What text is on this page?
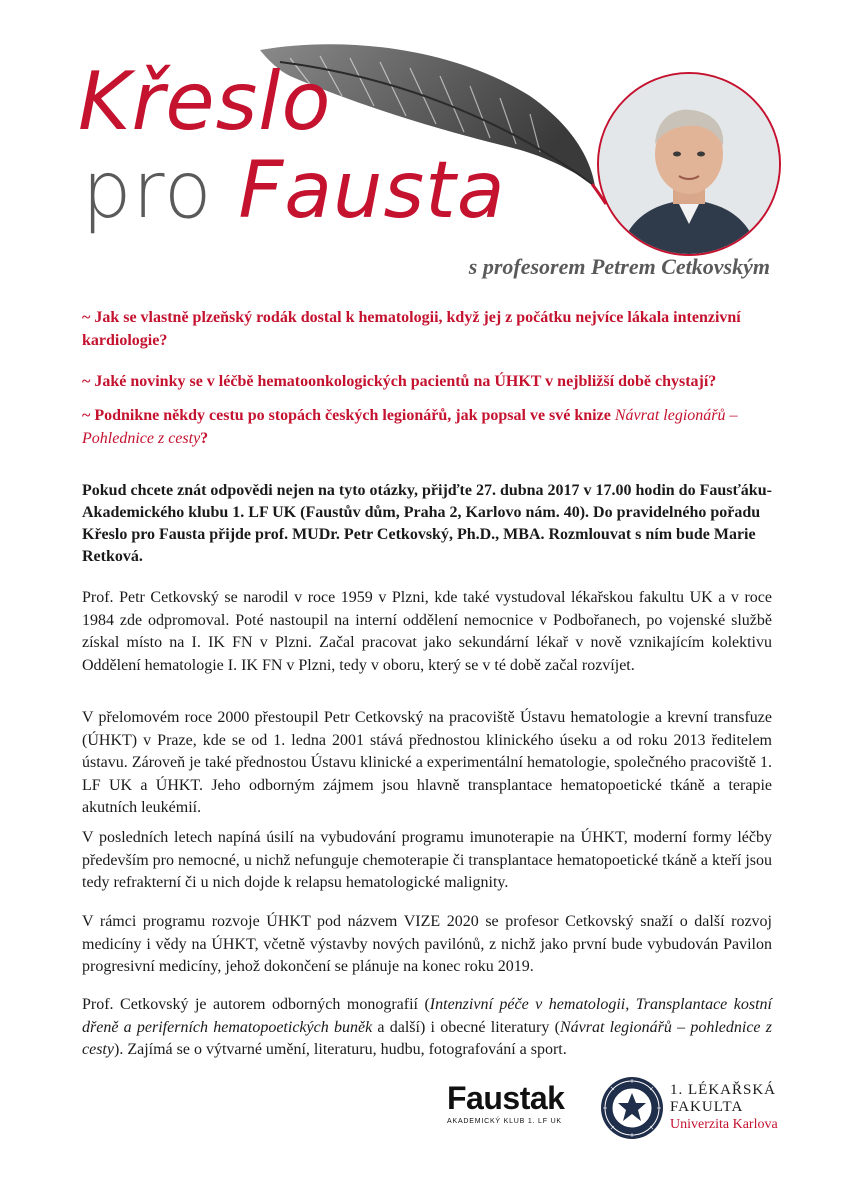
Křeslo
pro Fausta
s profesorem Petrem Cetkovským
~ Jak se vlastně plzeňský rodák dostal k hematologii, když jej z počátku nejvíce lákala intenzivní kardiologie?
~ Jaké novinky se v léčbě hematoonkologických pacientů na ÚHKT v nejbližší době chystají?
~ Podnikne někdy cestu po stopách českých legionářů, jak popsal ve své knize Návrat legionářů – Pohlednice z cesty?
Pokud chcete znát odpovědi nejen na tyto otázky, přijďte 27. dubna 2017 v 17.00 hodin do Fausťáku-Akademického klubu 1. LF UK (Faustův dům, Praha 2, Karlovo nám. 40). Do pravidelného pořadu Křeslo pro Fausta přijde prof. MUDr. Petr Cetkovský, Ph.D., MBA. Rozmlouvat s ním bude Marie Retková.
Prof. Petr Cetkovský se narodil v roce 1959 v Plzni, kde také vystudoval lékařskou fakultu UK a v roce 1984 zde odpromoval. Poté nastoupil na interní oddělení nemocnice v Podbořanech, po vojenské službě získal místo na I. IK FN v Plzni. Začal pracovat jako sekundární lékař v nově vznikajícím kolektivu Oddělení hematologie I. IK FN v Plzni, tedy v oboru, který se v té době začal rozvíjet.
V přelomovém roce 2000 přestoupil Petr Cetkovský na pracoviště Ústavu hematologie a krevní transfuze (ÚHKT) v Praze, kde se od 1. ledna 2001 stává přednostou klinického úseku a od roku 2013 ředitelem ústavu. Zároveň je také přednostou Ústavu klinické a experimentální hematologie, společného pracoviště 1. LF UK a ÚHKT. Jeho odborným zájmem jsou hlavně transplantace hematopoetické tkáně a terapie akutních leukémií.
V posledních letech napíná úsilí na vybudování programu imunoterapie na ÚHKT, moderní formy léčby především pro nemocné, u nichž nefunguje chemoterapie či transplantace hematopoetické tkáně a kteří jsou tedy refrakterní či u nich dojde k relapsu hematologické malignity.
V rámci programu rozvoje ÚHKT pod názvem VIZE 2020 se profesor Cetkovský snaží o další rozvoj medicíny i vědy na ÚHKT, včetně výstavby nových pavilónů, z nichž jako první bude vybudován Pavilon progresivní medicíny, jehož dokončení se plánuje na konec roku 2019.
Prof. Cetkovský je autorem odborných monografií (Intenzivní péče v hematologii, Transplantace kostní dřeně a periferních hematopoetických buněk a další) i obecné literatury (Návrat legionářů – pohlednice z cesty). Zajímá se o výtvarné umění, literaturu, hudbu, fotografování a sport.
Faustak
AKADEMICKÝ KLUB 1. LF UK
1. LÉKAŘSKÁ
FAKULTA
Univerzita Karlova
